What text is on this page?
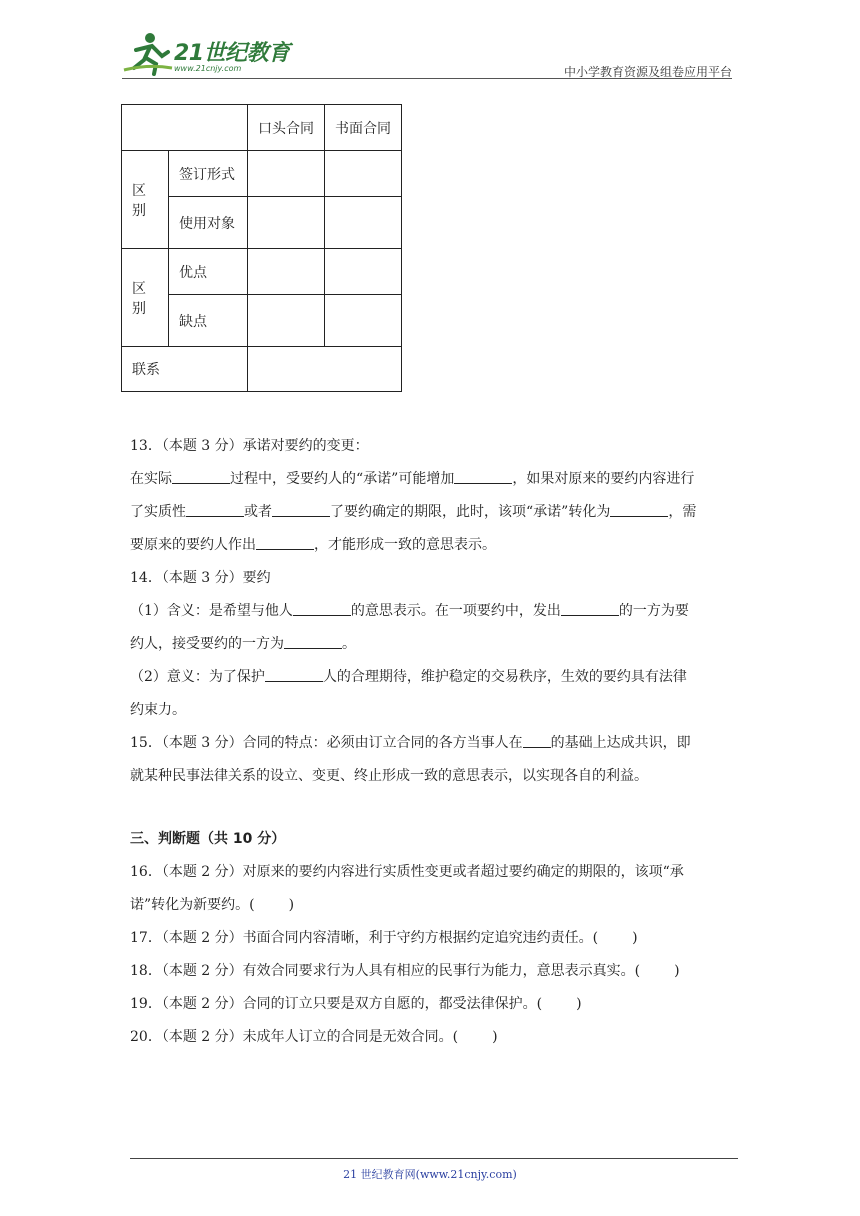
21世纪教育
www.21cnjy.com	中小学教育资源及组卷应用平台
		口头合同	书面合同
区别	签订形式		
	使用对象		
区别	优点		
	缺点		
联系			

13．（本题 3 分）承诺对要约的变更：

在实际	过程中，受要约人的“承诺”可能增加	，如果对原来的要约内容进行

了实质性	或者	了要约确定的期限，此时，该项“承诺”转化为	，需

要原来的要约人作出	，才能形成一致的意思表示。

14．（本题 3 分）要约

（1）含义：是希望与他人	的意思表示。在一项要约中，发出	的一方为要

约人，接受要约的一方为	。

（2）意义：为了保护	人的合理期待，维护稳定的交易秩序，生效的要约具有法律

约束力。

15．（本题 3 分）合同的特点：必须由订立合同的各方当事人在 的基础上达成共识，即

就某种民事法律关系的设立、变更、终止形成一致的意思表示，以实现各自的利益。

三、判断题（共 10 分）

16．（本题 2 分）对原来的要约内容进行实质性变更或者超过要约确定的期限的，该项“承

诺”转化为新要约。( )

17．（本题 2 分）书面合同内容清晰，利于守约方根据约定追究违约责任。( )

18．（本题 2 分）有效合同要求行为人具有相应的民事行为能力，意思表示真实。( )

19．（本题 2 分）合同的订立只要是双方自愿的，都受法律保护。( )

20．（本题 2 分）未成年人订立的合同是无效合同。( )

21 世纪教育网(www.21cnjy.com)
